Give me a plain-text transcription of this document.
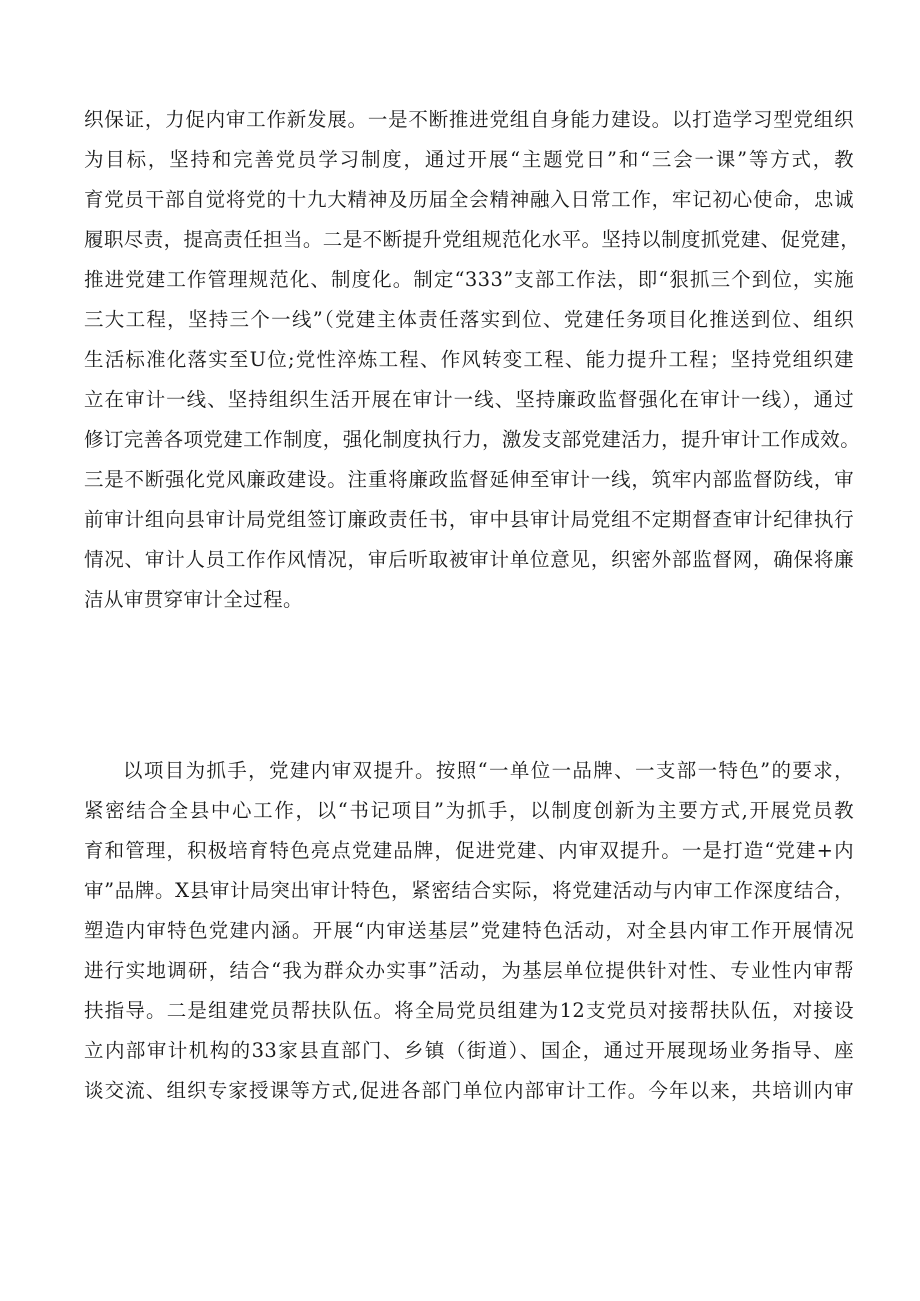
织保证，力促内审工作新发展。一是不断推进党组自身能力建设。以打造学习型党组织
为目标，坚持和完善党员学习制度，通过开展“主题党日”和“三会一课”等方式，教
育党员干部自觉将党的十九大精神及历届全会精神融入日常工作，牢记初心使命，忠诚
履职尽责，提高责任担当。二是不断提升党组规范化水平。坚持以制度抓党建、促党建，
推进党建工作管理规范化、制度化。制定“333”支部工作法，即“狠抓三个到位，实施
三大工程，坚持三个一线”（党建主体责任落实到位、党建任务项目化推送到位、组织
生活标准化落实至U位;党性淬炼工程、作风转变工程、能力提升工程；坚持党组织建
立在审计一线、坚持组织生活开展在审计一线、坚持廉政监督强化在审计一线），通过
修订完善各项党建工作制度，强化制度执行力，激发支部党建活力，提升审计工作成效。
三是不断强化党风廉政建设。注重将廉政监督延伸至审计一线，筑牢内部监督防线，审
前审计组向县审计局党组签订廉政责任书，审中县审计局党组不定期督查审计纪律执行
情况、审计人员工作作风情况，审后听取被审计单位意见，织密外部监督网，确保将廉
洁从审贯穿审计全过程。
以项目为抓手，党建内审双提升。按照“一单位一品牌、一支部一特色”的要求，
紧密结合全县中心工作，以“书记项目”为抓手，以制度创新为主要方式,开展党员教
育和管理，积极培育特色亮点党建品牌，促进党建、内审双提升。一是打造“党建+内
审”品牌。X县审计局突出审计特色，紧密结合实际，将党建活动与内审工作深度结合，
塑造内审特色党建内涵。开展“内审送基层”党建特色活动，对全县内审工作开展情况
进行实地调研，结合“我为群众办实事”活动，为基层单位提供针对性、专业性内审帮
扶指导。二是组建党员帮扶队伍。将全局党员组建为12支党员对接帮扶队伍，对接设
立内部审计机构的33家县直部门、乡镇（街道）、国企，通过开展现场业务指导、座
谈交流、组织专家授课等方式,促进各部门单位内部审计工作。今年以来，共培训内审
